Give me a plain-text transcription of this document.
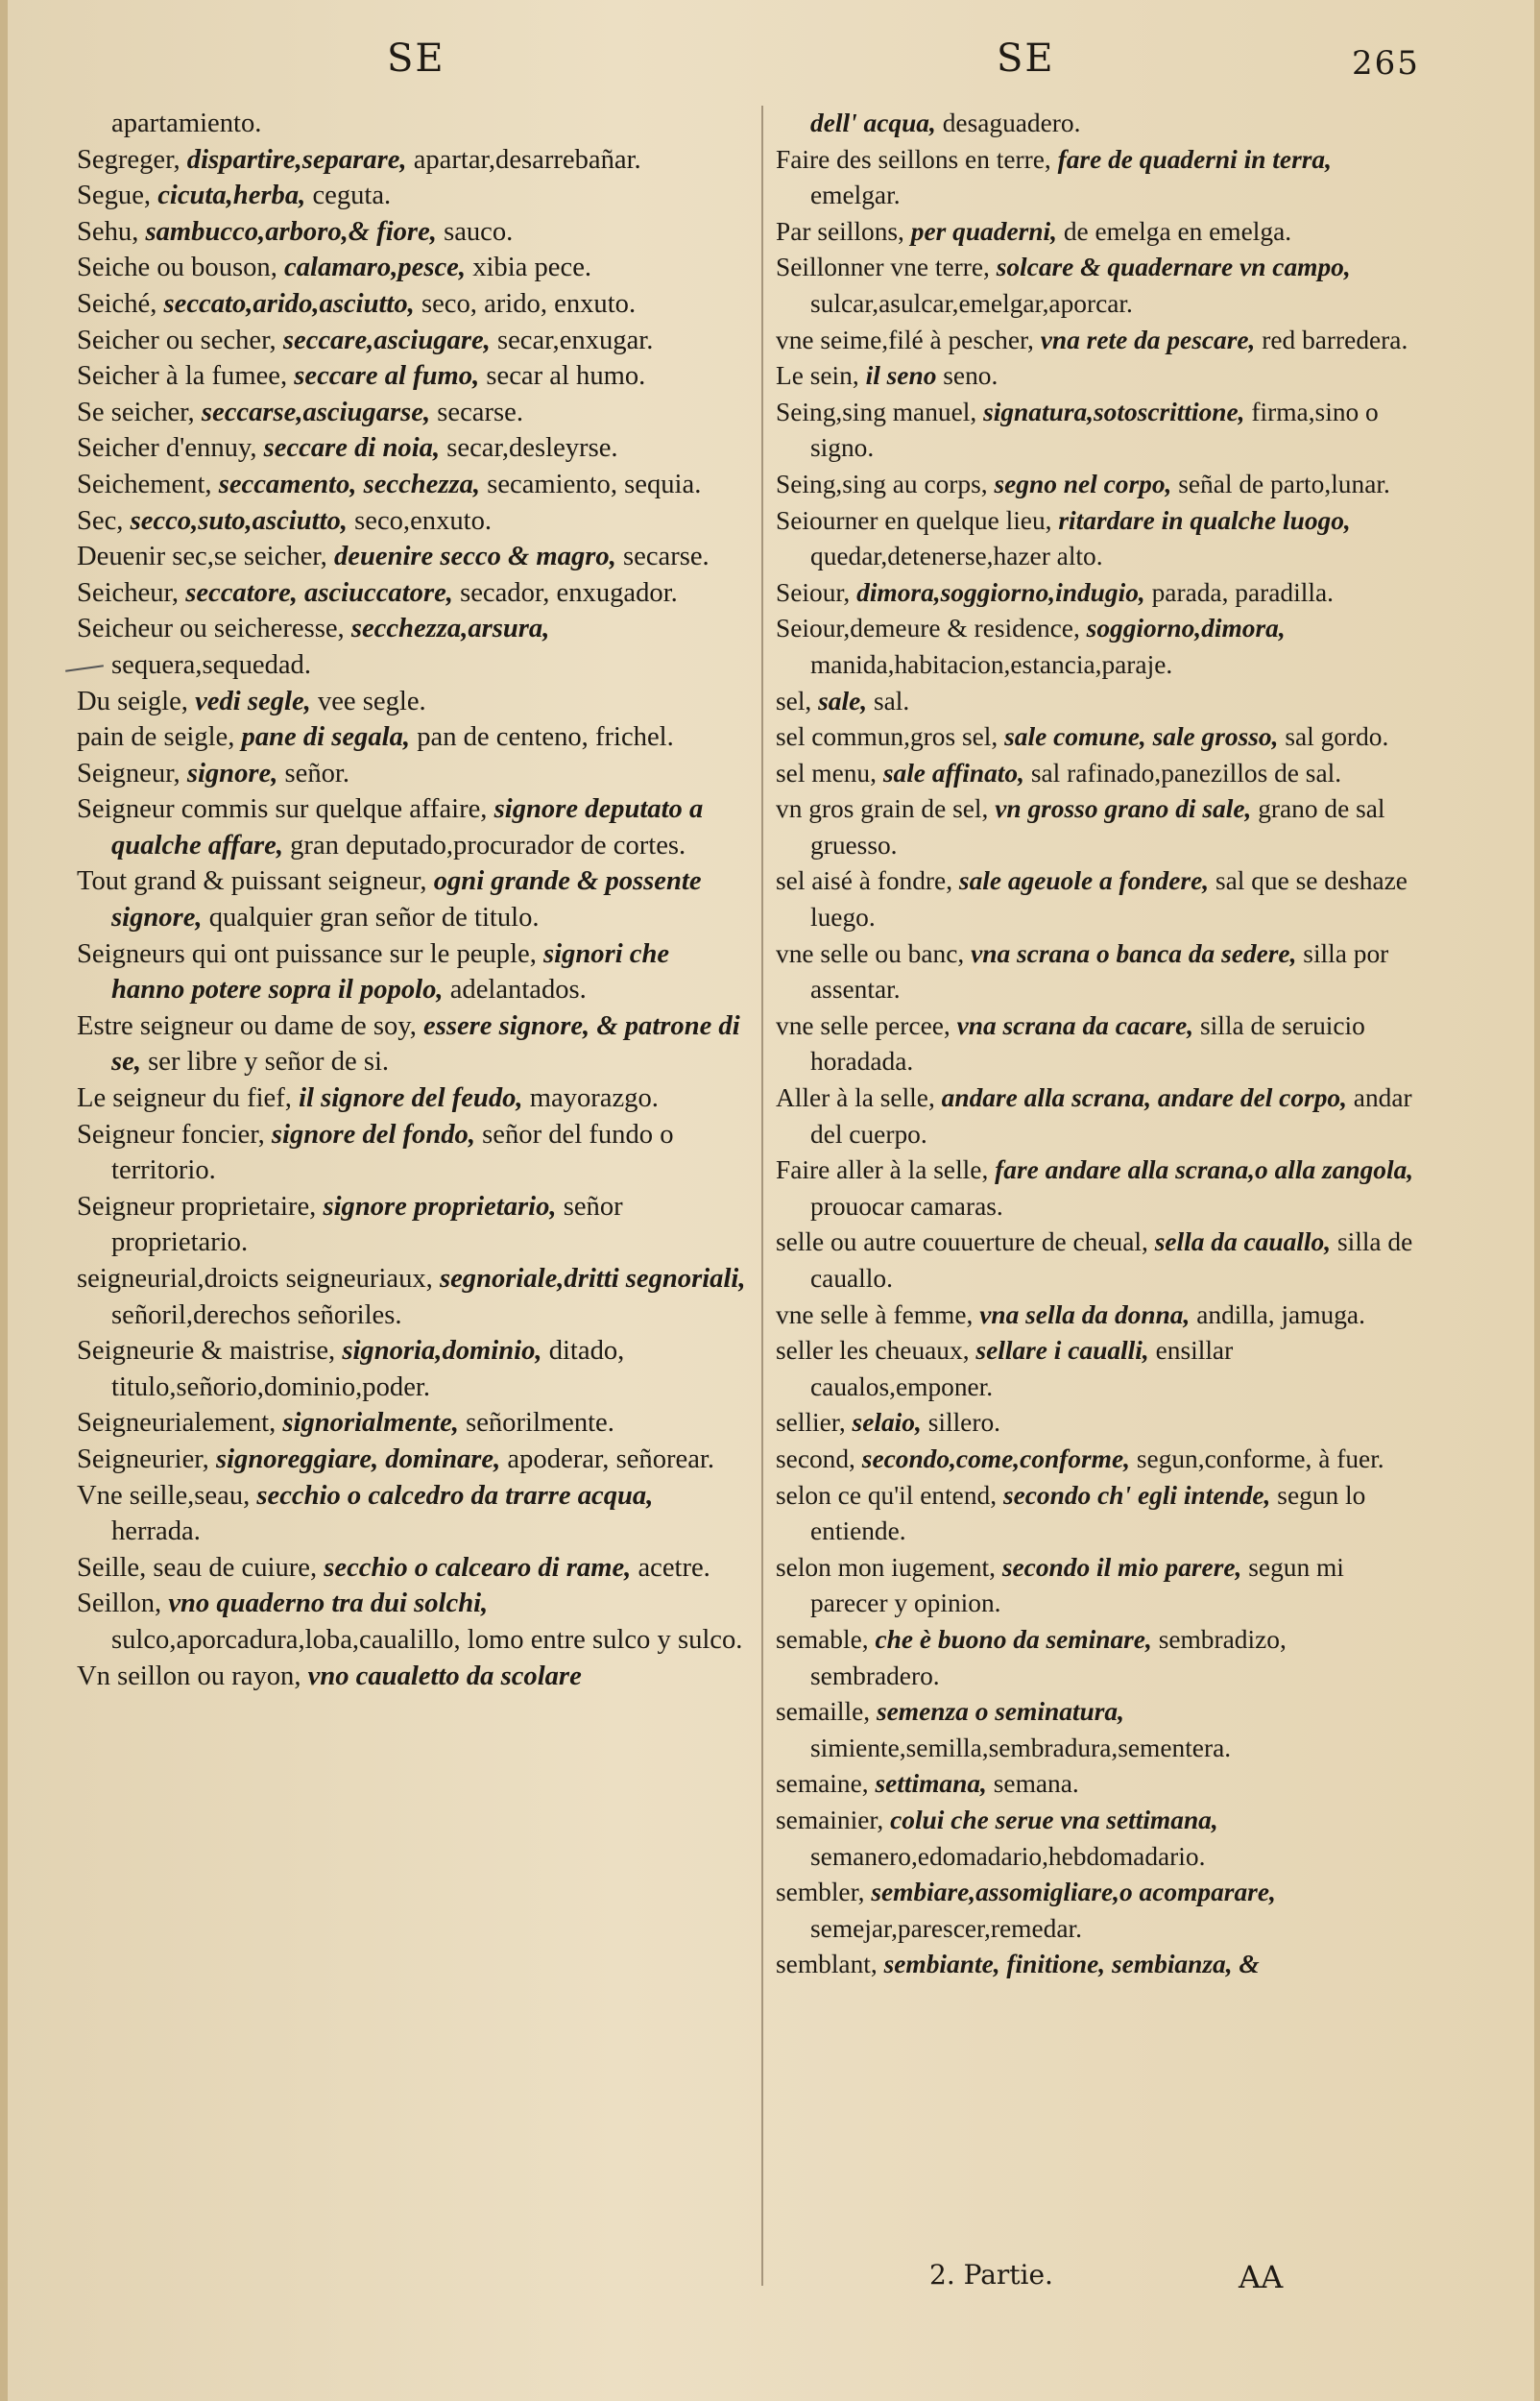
SE	SE	265
apartamiento.
Segreger, dispartire,separare, apartar,desarrebañar.
Segue, cicuta,herba, ceguta.
Sehu, sambucco,arboro,& fiore, sauco.
Seiche ou bouson, calamaro,pesce, xibia pece.
Seiché, seccato,arido,asciutto, seco, arido, enxuto.
Seicher ou secher, seccare,asciugare, secar,enxugar.
Seicher à la fumee, seccare al fumo, secar al humo.
Se seicher, seccarse,asciugarse, secarse.
Seicher d'ennuy, seccare di noia, secar,desleyrse.
Seichement, seccamento, secchezza, secamiento, sequia.
Sec, secco,suto,asciutto, seco,enxuto.
Deuenir sec,se seicher, deuenire secco & magro, secarse.
Seicheur, seccatore, asciuccatore, secador, enxugador.
Seicheur ou seicheresse, secchezza,arsura, sequera,sequedad.
Du seigle, vedi segle, vee segle.
pain de seigle, pane di segala, pan de centeno, frichel.
Seigneur, signore, señor.
Seigneur commis sur quelque affaire, signore deputato a qualche affare, gran deputado,procurador de cortes.
Tout grand & puissant seigneur, ogni grande & possente signore, qualquier gran señor de titulo.
Seigneurs qui ont puissance sur le peuple, signori che hanno potere sopra il popolo, adelantados.
Estre seigneur ou dame de soy, essere signore, & patrone di se, ser libre y señor de si.
Le seigneur du fief, il signore del feudo, mayorazgo.
Seigneur foncier, signore del fondo, señor del fundo o territorio.
Seigneur proprietaire, signore proprietario, señor proprietario.
seigneurial,droicts seigneuriaux, segnoriale,dritti segnoriali, señoril,derechos señoriles.
Seigneurie & maistrise, signoria,dominio, ditado, titulo,señorio,dominio,poder.
Seigneurialement, signorialmente, señorilmente.
Seigneurier, signoreggiare, dominare, apoderar, señorear.
Vne seille,seau, secchio o calcedro da trarre acqua, herrada.
Seille, seau de cuiure, secchio o calcearo di rame, acetre.
Seillon, vno quaderno tra dui solchi, sulco,aporcadura,loba,caualillo, lomo entre sulco y sulco.
Vn seillon ou rayon, vno caualetto da scolare
dell' acqua, desaguadero.
Faire des seillons en terre, fare de quaderni in terra, emelgar.
Par seillons, per quaderni, de emelga en emelga.
Seillonner vne terre, solcare & quadernare vn campo, sulcar,asulcar,emelgar,aporcar.
vne seime,filé à pescher, vna rete da pescare, red barredera.
Le sein, il seno seno.
Seing,sing manuel, signatura,sotoscrittione, firma,sino o signo.
Seing,sing au corps, segno nel corpo, señal de parto,lunar.
Seiourner en quelque lieu, ritardare in qualche luogo, quedar,detenerse,hazer alto.
Seiour, dimora,soggiorno,indugio, parada, paradilla.
Seiour,demeure & residence, soggiorno,dimora, manida,habitacion,estancia,paraje.
sel, sale, sal.
sel commun,gros sel, sale comune, sale grosso, sal gordo.
sel menu, sale affinato, sal rafinado,panezillos de sal.
vn gros grain de sel, vn grosso grano di sale, grano de sal gruesso.
sel aisé à fondre, sale ageuole a fondere, sal que se deshaze luego.
vne selle ou banc, vna scrana o banca da sedere, silla por assentar.
vne selle percee, vna scrana da cacare, silla de seruicio horadada.
Aller à la selle, andare alla scrana, andare del corpo, andar del cuerpo.
Faire aller à la selle, fare andare alla scrana,o alla zangola, prouocar camaras.
selle ou autre couuerture de cheual, sella da cauallo, silla de cauallo.
vne selle à femme, vna sella da donna, andilla, jamuga.
seller les cheuaux, sellare i caualli, ensillar caualos,emponer.
sellier, selaio, sillero.
second, secondo,come,conforme, segun,conforme, à fuer.
selon ce qu'il entend, secondo ch' egli intende, segun lo entiende.
selon mon iugement, secondo il mio parere, segun mi parecer y opinion.
semable, che è buono da seminare, sembradizo, sembradero.
semaille, semenza o seminatura, simiente,semilla,sembradura,sementera.
semaine, settimana, semana.
semainier, colui che serue vna settimana, semanero,edomadario,hebdomadario.
sembler, sembiare,assomigliare,o acomparare, semejar,parescer,remedar.
semblant, sembiante, finitione, sembianza, &
2. Partie.	AA
